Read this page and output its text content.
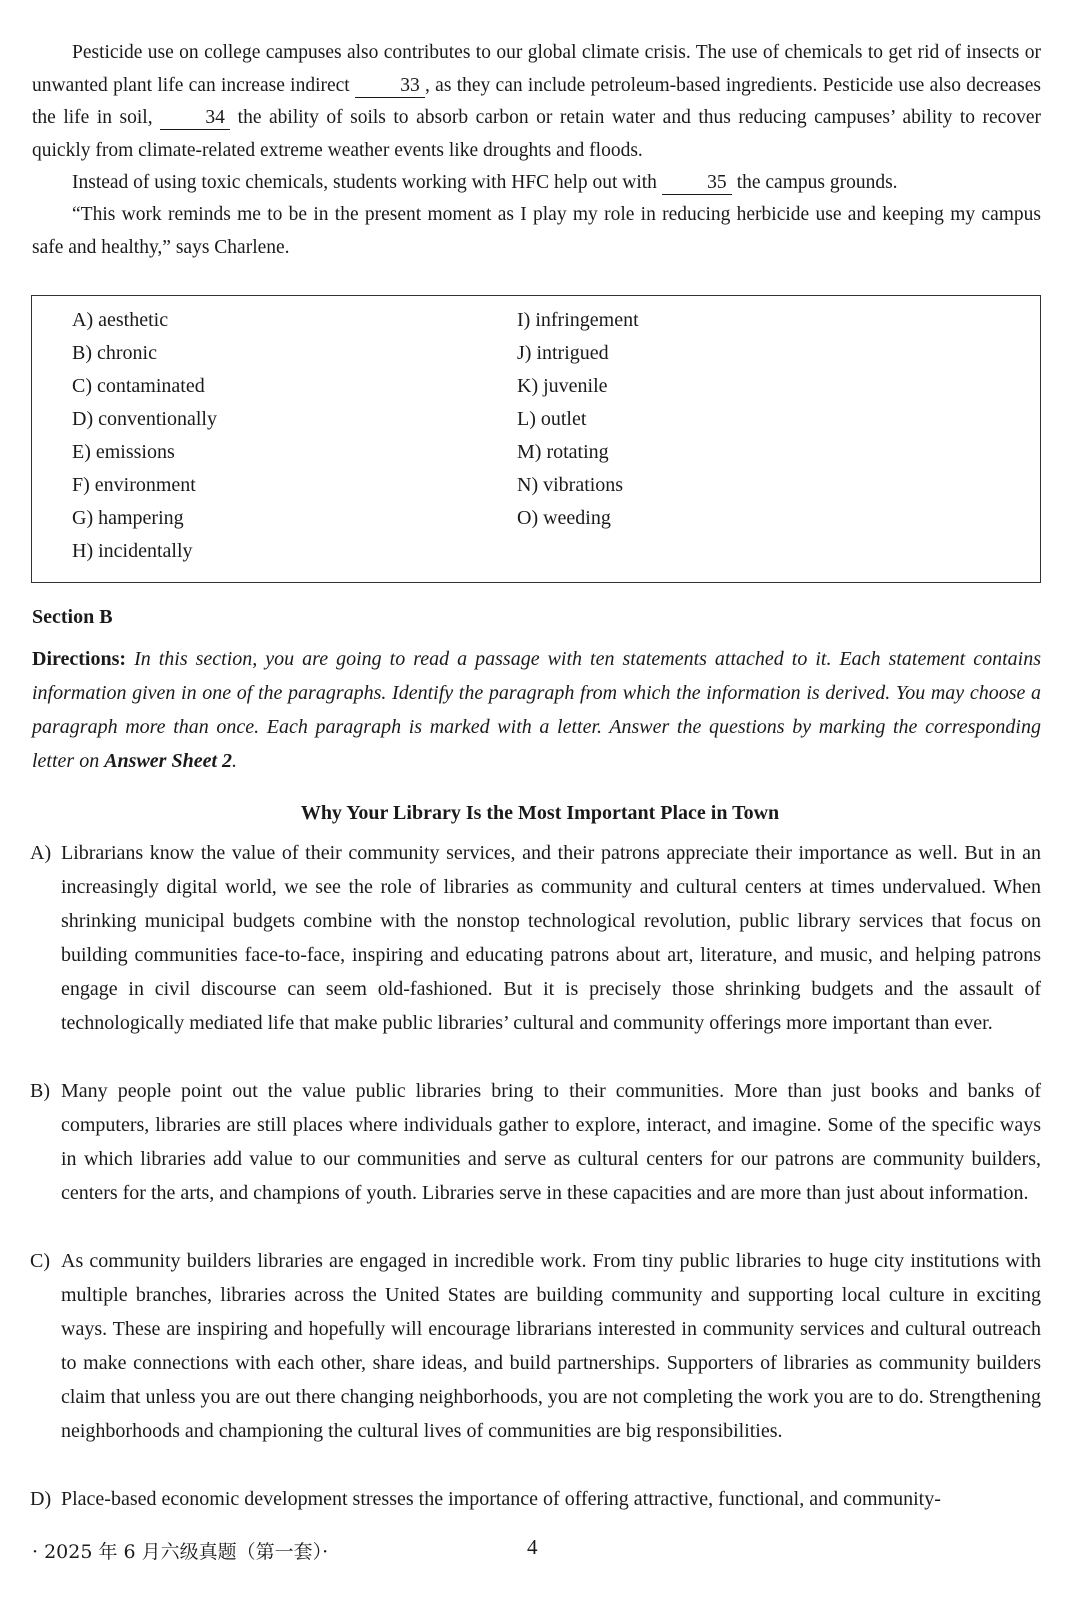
Pesticide use on college campuses also contributes to our global climate crisis. The use of chemicals to get rid of insects or unwanted plant life can increase indirect 33 , as they can include petroleum-based ingredients. Pesticide use also decreases the life in soil, 34 the ability of soils to absorb carbon or retain water and thus reducing campuses’ ability to recover quickly from climate-related extreme weather events like droughts and floods.

Instead of using toxic chemicals, students working with HFC help out with 35 the campus grounds.

“This work reminds me to be in the present moment as I play my role in reducing herbicide use and keeping my campus safe and healthy,” says Charlene.

A) aesthetic
B) chronic
C) contaminated
D) conventionally
E) emissions
F) environment
G) hampering
H) incidentally
I) infringement
J) intrigued
K) juvenile
L) outlet
M) rotating
N) vibrations
O) weeding
Section B

Directions: In this section, you are going to read a passage with ten statements attached to it. Each statement contains information given in one of the paragraphs. Identify the paragraph from which the information is derived. You may choose a paragraph more than once. Each paragraph is marked with a letter. Answer the questions by marking the corresponding letter on Answer Sheet 2.

Why Your Library Is the Most Important Place in Town
A) Librarians know the value of their community services, and their patrons appreciate their importance as well. But in an increasingly digital world, we see the role of libraries as community and cultural centers at times undervalued. When shrinking municipal budgets combine with the nonstop technological revolution, public library services that focus on building communities face-to-face, inspiring and educating patrons about art, literature, and music, and helping patrons engage in civil discourse can seem old-fashioned. But it is precisely those shrinking budgets and the assault of technologically mediated life that make public libraries’ cultural and community offerings more important than ever.
B) Many people point out the value public libraries bring to their communities. More than just books and banks of computers, libraries are still places where individuals gather to explore, interact, and imagine. Some of the specific ways in which libraries add value to our communities and serve as cultural centers for our patrons are community builders, centers for the arts, and champions of youth. Libraries serve in these capacities and are more than just about information.
C) As community builders libraries are engaged in incredible work. From tiny public libraries to huge city institutions with multiple branches, libraries across the United States are building community and supporting local culture in exciting ways. These are inspiring and hopefully will encourage librarians interested in community services and cultural outreach to make connections with each other, share ideas, and build partnerships. Supporters of libraries as community builders claim that unless you are out there changing neighborhoods, you are not completing the work you are to do. Strengthening neighborhoods and championing the cultural lives of communities are big responsibilities.
D) Place-based economic development stresses the importance of offering attractive, functional, and community-
· 2025 年 6 月六级真题（第一套）·	4
